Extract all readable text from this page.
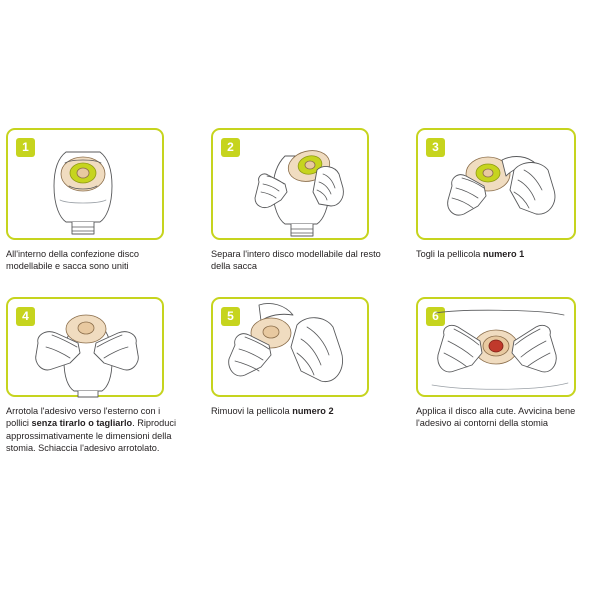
1
All'interno della confezione disco modellabile e sacca sono uniti
2
Separa l'intero disco modellabile dal resto della sacca
3
Togli la pellicola numero 1
4
Arrotola l'adesivo verso l'esterno con i pollici senza tirarlo o tagliarlo. Riproduci approssimativamente le dimensioni della stomia. Schiaccia l'adesivo arrotolato.
5
Rimuovi la pellicola numero 2
6
Applica il disco alla cute. Avvicina bene l'adesivo ai contorni della stomia
